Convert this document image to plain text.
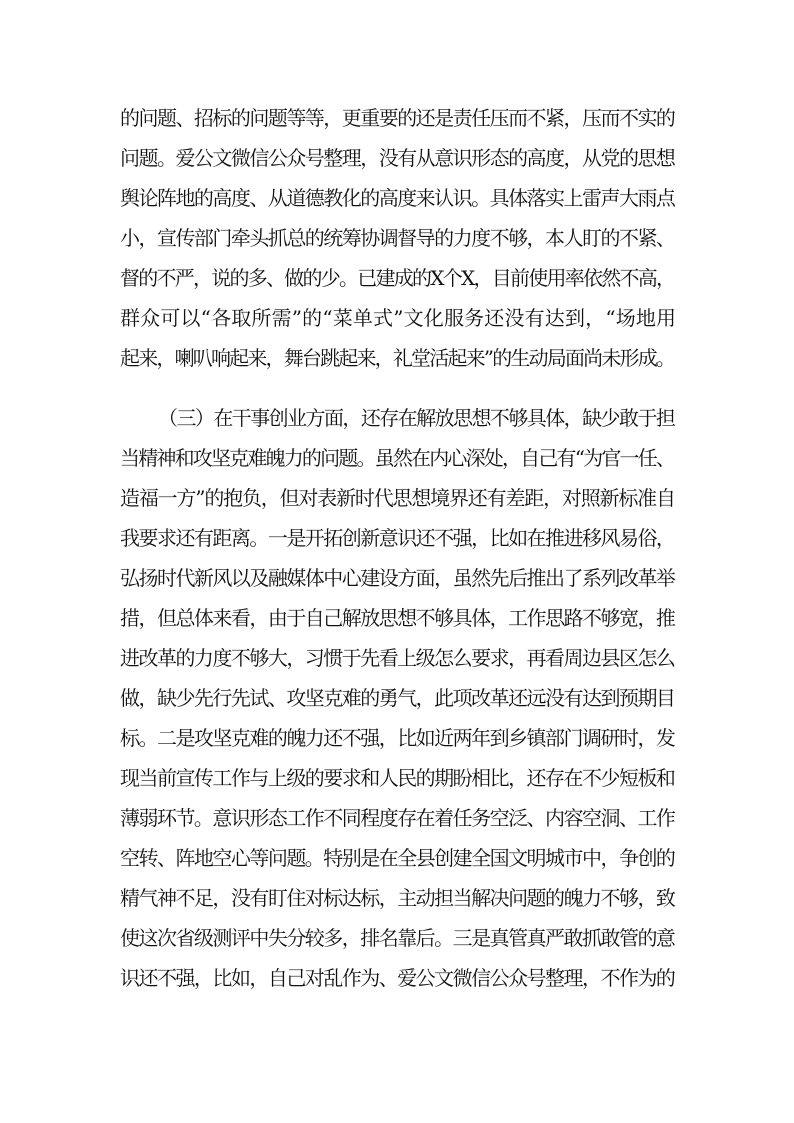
的问题、招标的问题等等，更重要的还是责任压而不紧，压而不实的

问题。爱公文微信公众号整理，没有从意识形态的高度，从党的思想

舆论阵地的高度、从道德教化的高度来认识。具体落实上雷声大雨点

小，宣传部门牵头抓总的统筹协调督导的力度不够，本人盯的不紧、

督的不严，说的多、做的少。已建成的X个X，目前使用率依然不高，

群众可以“各取所需”的“菜单式”文化服务还没有达到，“场地用

起来，喇叭响起来，舞台跳起来，礼堂活起来”的生动局面尚未形成。

（三）在干事创业方面，还存在解放思想不够具体，缺少敢于担

当精神和攻坚克难魄力的问题。虽然在内心深处，自己有“为官一任、

造福一方”的抱负，但对表新时代思想境界还有差距，对照新标准自

我要求还有距离。一是开拓创新意识还不强，比如在推进移风易俗，

弘扬时代新风以及融媒体中心建设方面，虽然先后推出了系列改革举

措，但总体来看，由于自己解放思想不够具体，工作思路不够宽，推

进改革的力度不够大，习惯于先看上级怎么要求，再看周边县区怎么

做，缺少先行先试、攻坚克难的勇气，此项改革还远没有达到预期目

标。二是攻坚克难的魄力还不强，比如近两年到乡镇部门调研时，发

现当前宣传工作与上级的要求和人民的期盼相比，还存在不少短板和

薄弱环节。意识形态工作不同程度存在着任务空泛、内容空洞、工作

空转、阵地空心等问题。特别是在全县创建全国文明城市中，争创的

精气神不足，没有盯住对标达标，主动担当解决问题的魄力不够，致

使这次省级测评中失分较多，排名靠后。三是真管真严敢抓敢管的意

识还不强，比如，自己对乱作为、爱公文微信公众号整理，不作为的
